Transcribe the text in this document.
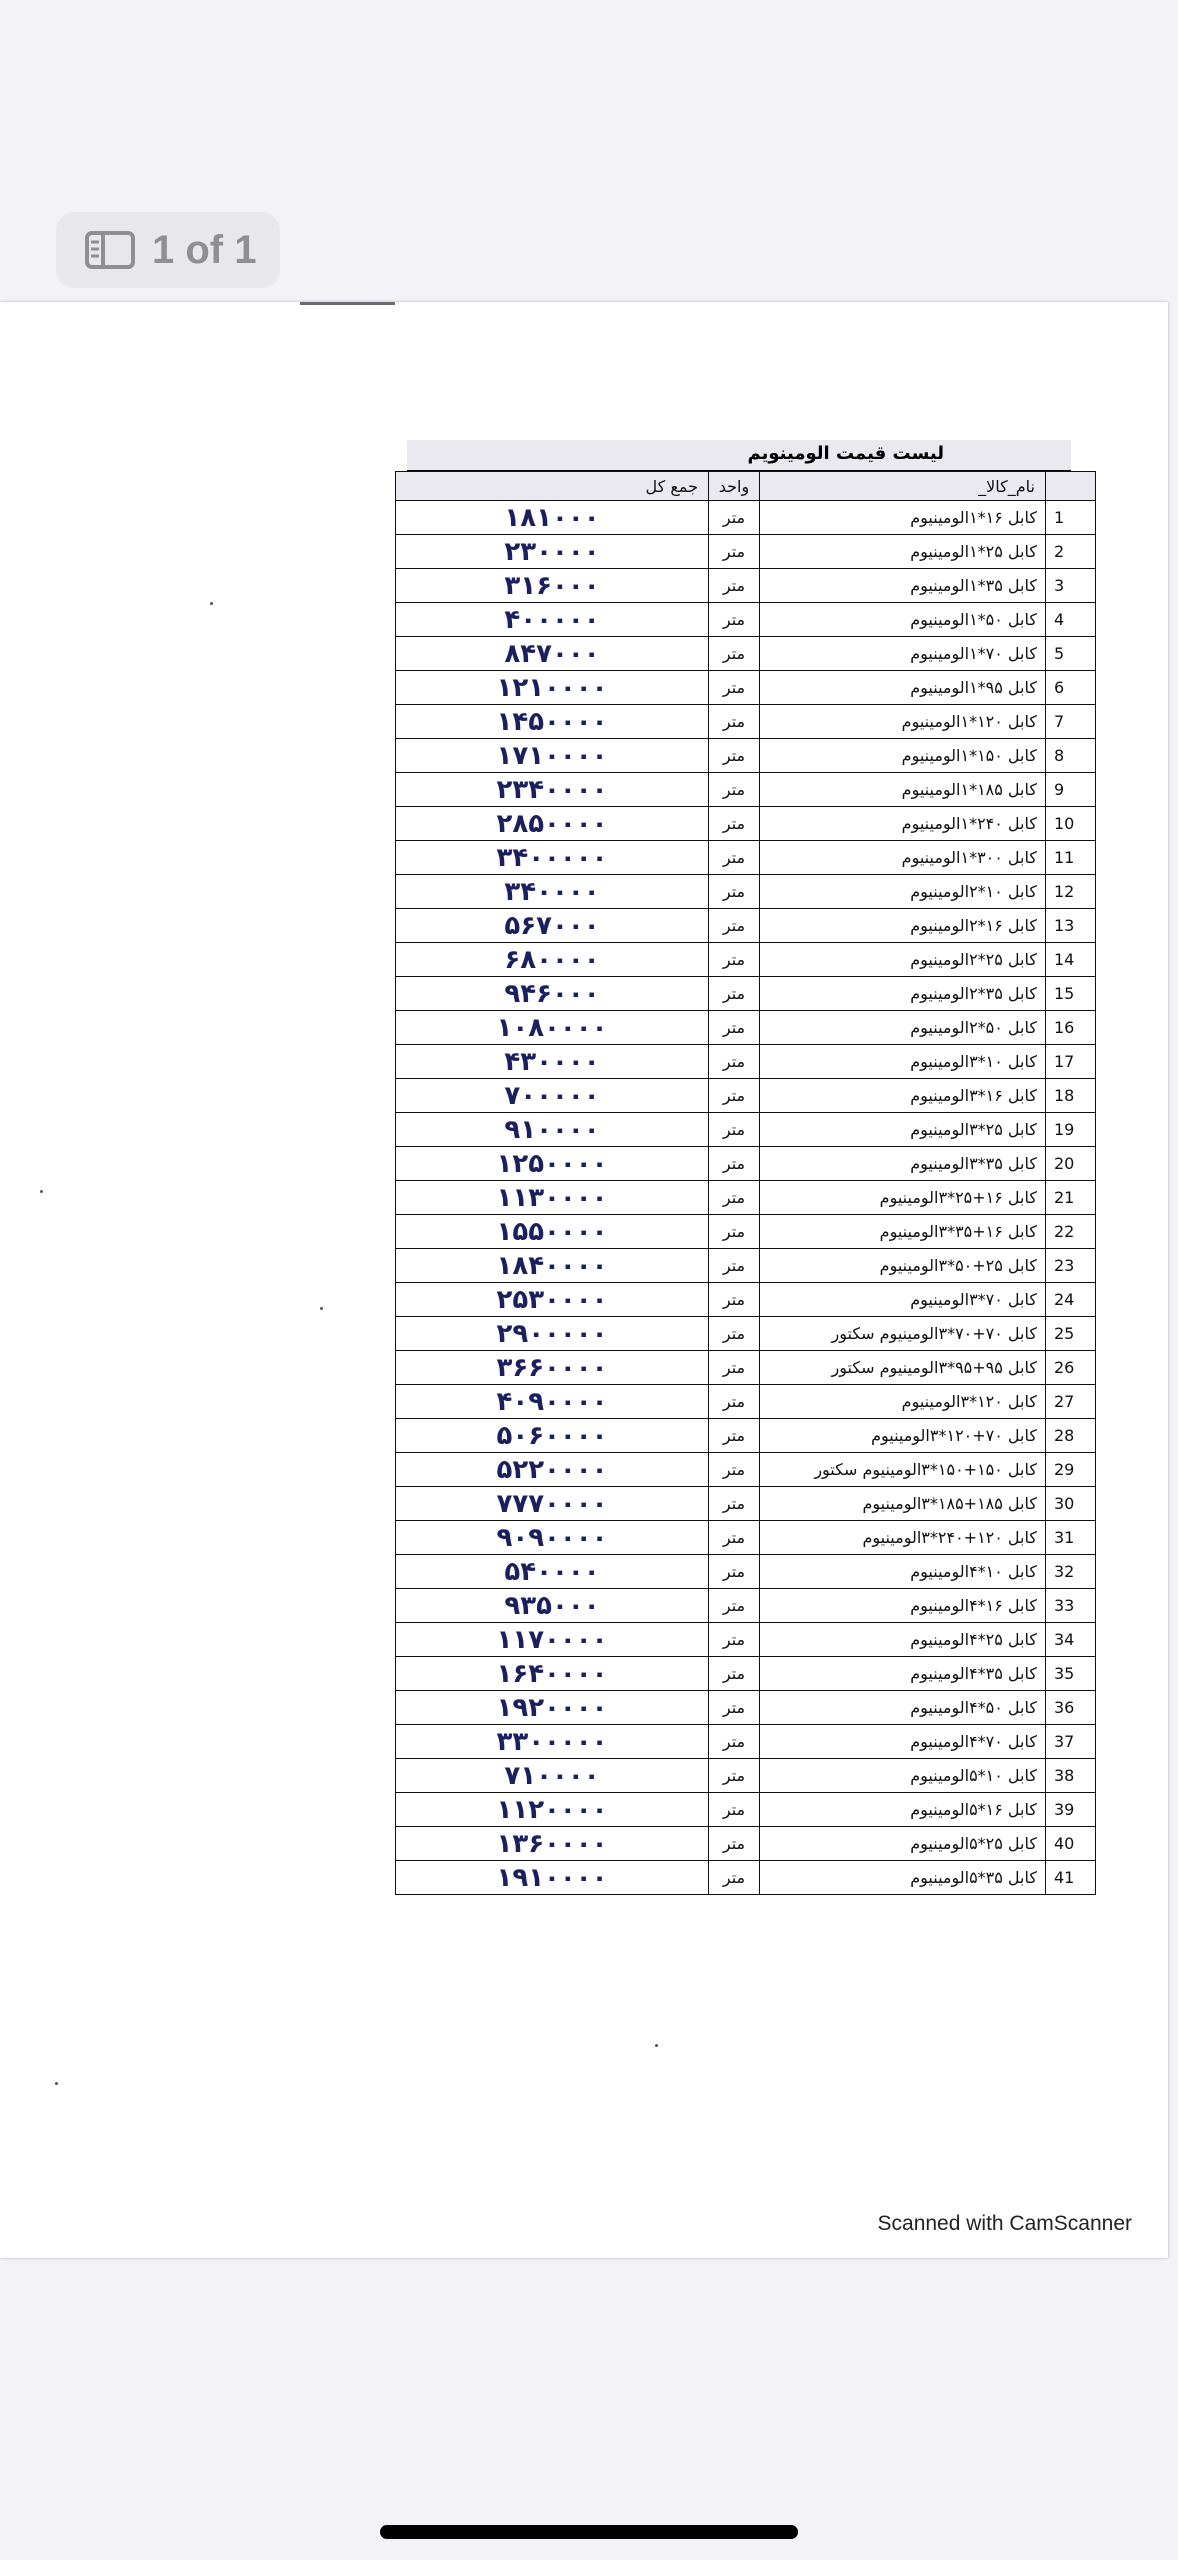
1 of 1
لیست قیمت الومینویم
جمع کل	واحد	نام_کالا_	
۱۸۱۰۰۰	متر	کابل ۱۶*۱الومینیوم	1
۲۳۰۰۰۰	متر	کابل ۲۵*۱الومینیوم	2
۳۱۶۰۰۰	متر	کابل ۳۵*۱الومینیوم	3
۴۰۰۰۰۰	متر	کابل ۵۰*۱الومینیوم	4
۸۴۷۰۰۰	متر	کابل ۷۰*۱الومینیوم	5
۱۲۱۰۰۰۰	متر	کابل ۹۵*۱الومینیوم	6
۱۴۵۰۰۰۰	متر	کابل ۱۲۰*۱الومینیوم	7
۱۷۱۰۰۰۰	متر	کابل ۱۵۰*۱الومینیوم	8
۲۳۴۰۰۰۰	متر	کابل ۱۸۵*۱الومینیوم	9
۲۸۵۰۰۰۰	متر	کابل ۲۴۰*۱الومینیوم	10
۳۴۰۰۰۰۰	متر	کابل ۳۰۰*۱الومینیوم	11
۳۴۰۰۰۰	متر	کابل ۱۰*۲الومینیوم	12
۵۶۷۰۰۰	متر	کابل ۱۶*۲الومینیوم	13
۶۸۰۰۰۰	متر	کابل ۲۵*۲الومینیوم	14
۹۴۶۰۰۰	متر	کابل ۳۵*۲الومینیوم	15
۱۰۸۰۰۰۰	متر	کابل ۵۰*۲الومینیوم	16
۴۳۰۰۰۰	متر	کابل ۱۰*۳الومینیوم	17
۷۰۰۰۰۰	متر	کابل ۱۶*۳الومینیوم	18
۹۱۰۰۰۰	متر	کابل ۲۵*۳الومینیوم	19
۱۲۵۰۰۰۰	متر	کابل ۳۵*۳الومینیوم	20
۱۱۳۰۰۰۰	متر	کابل ۱۶+۲۵*۳الومینیوم	21
۱۵۵۰۰۰۰	متر	کابل ۱۶+۳۵*۳الومینیوم	22
۱۸۴۰۰۰۰	متر	کابل ۲۵+۵۰*۳الومینیوم	23
۲۵۳۰۰۰۰	متر	کابل ۷۰*۳الومینیوم	24
۲۹۰۰۰۰۰	متر	کابل ۷۰+۷۰*۳الومینیوم سکتور	25
۳۶۶۰۰۰۰	متر	کابل ۹۵+۹۵*۳الومینیوم سکتور	26
۴۰۹۰۰۰۰	متر	کابل ۱۲۰*۳الومینیوم	27
۵۰۶۰۰۰۰	متر	کابل ۷۰+۱۲۰*۳الومینیوم	28
۵۲۲۰۰۰۰	متر	کابل ۱۵۰+۱۵۰*۳الومینیوم سکتور	29
۷۷۷۰۰۰۰	متر	کابل ۱۸۵+۱۸۵*۳الومینیوم	30
۹۰۹۰۰۰۰	متر	کابل ۱۲۰+۲۴۰*۳الومینیوم	31
۵۴۰۰۰۰	متر	کابل ۱۰*۴الومینیوم	32
۹۳۵۰۰۰	متر	کابل ۱۶*۴الومینیوم	33
۱۱۷۰۰۰۰	متر	کابل ۲۵*۴الومینیوم	34
۱۶۴۰۰۰۰	متر	کابل ۳۵*۴الومینیوم	35
۱۹۲۰۰۰۰	متر	کابل ۵۰*۴الومینیوم	36
۳۳۰۰۰۰۰	متر	کابل ۷۰*۴الومینیوم	37
۷۱۰۰۰۰	متر	کابل ۱۰*۵الومینیوم	38
۱۱۲۰۰۰۰	متر	کابل ۱۶*۵الومینیوم	39
۱۳۶۰۰۰۰	متر	کابل ۲۵*۵الومینیوم	40
۱۹۱۰۰۰۰	متر	کابل ۳۵*۵الومینیوم	41
Scanned with CamScanner
